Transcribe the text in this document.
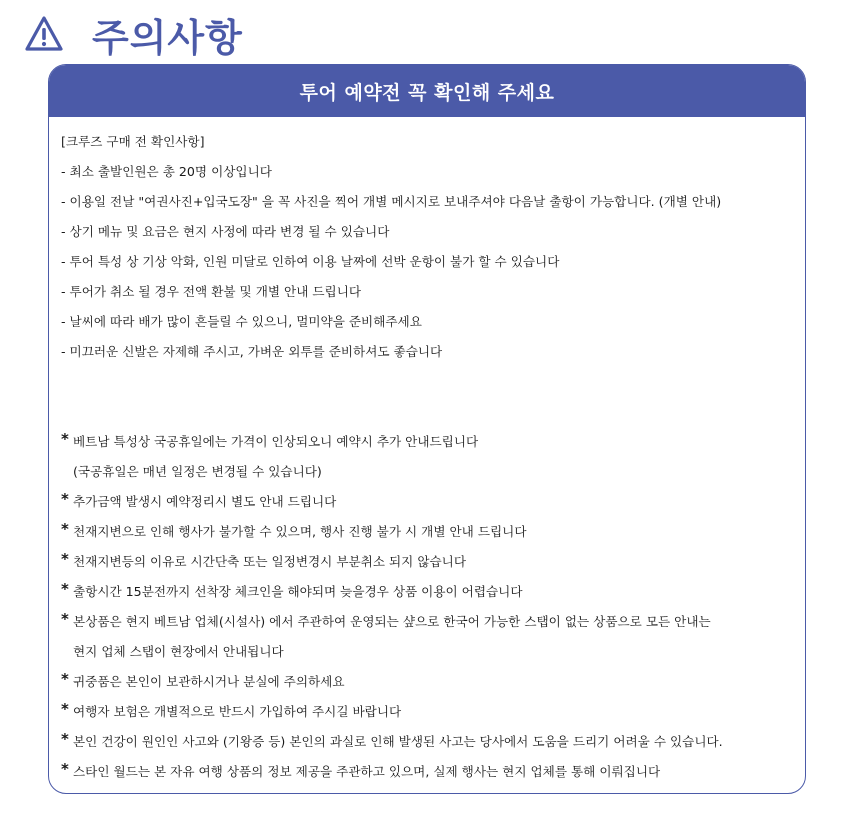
주의사항
투어 예약전 꼭 확인해 주세요
[크루즈 구매 전 확인사항]
- 최소 출발인원은 총 20명 이상입니다
- 이용일 전날 "여권사진+입국도장" 을 꼭 사진을 찍어 개별 메시지로 보내주셔야 다음날 출항이 가능합니다. (개별 안내)
- 상기 메뉴 및 요금은 현지 사정에 따라 변경 될 수 있습니다
- 투어 특성 상 기상 악화, 인원 미달로 인하여 이용 날짜에 선박 운항이 불가 할 수 있습니다
- 투어가 취소 될 경우 전액 환불 및 개별 안내 드립니다
- 날씨에 따라 배가 많이 흔들릴 수 있으니, 멀미약을 준비해주세요
- 미끄러운 신발은 자제해 주시고, 가벼운 외투를 준비하셔도 좋습니다
* 베트남 특성상 국공휴일에는 가격이 인상되오니 예약시 추가 안내드립니다
(국공휴일은 매년 일정은 변경될 수 있습니다)
* 추가금액 발생시 예약정리시 별도 안내 드립니다
* 천재지변으로 인해 행사가 불가할 수 있으며, 행사 진행 불가 시 개별 안내 드립니다
* 천재지변등의 이유로 시간단축 또는 일정변경시 부분취소 되지 않습니다
* 출항시간 15분전까지 선착장 체크인을 해야되며 늦을경우 상품 이용이 어렵습니다
* 본상품은 현지 베트남 업체(시설사) 에서 주관하여 운영되는 샾으로 한국어 가능한 스탭이 없는 상품으로 모든 안내는
현지 업체 스탭이 현장에서 안내됩니다
* 귀중품은 본인이 보관하시거나 분실에 주의하세요
* 여행자 보험은 개별적으로 반드시 가입하여 주시길 바랍니다
* 본인 건강이 원인인 사고와 (기왕증 등) 본인의 과실로 인해 발생된 사고는 당사에서 도움을 드리기 어려울 수 있습니다.
* 스타인 월드는 본 자유 여행 상품의 정보 제공을 주관하고 있으며, 실제 행사는 현지 업체를 통해 이뤄집니다
